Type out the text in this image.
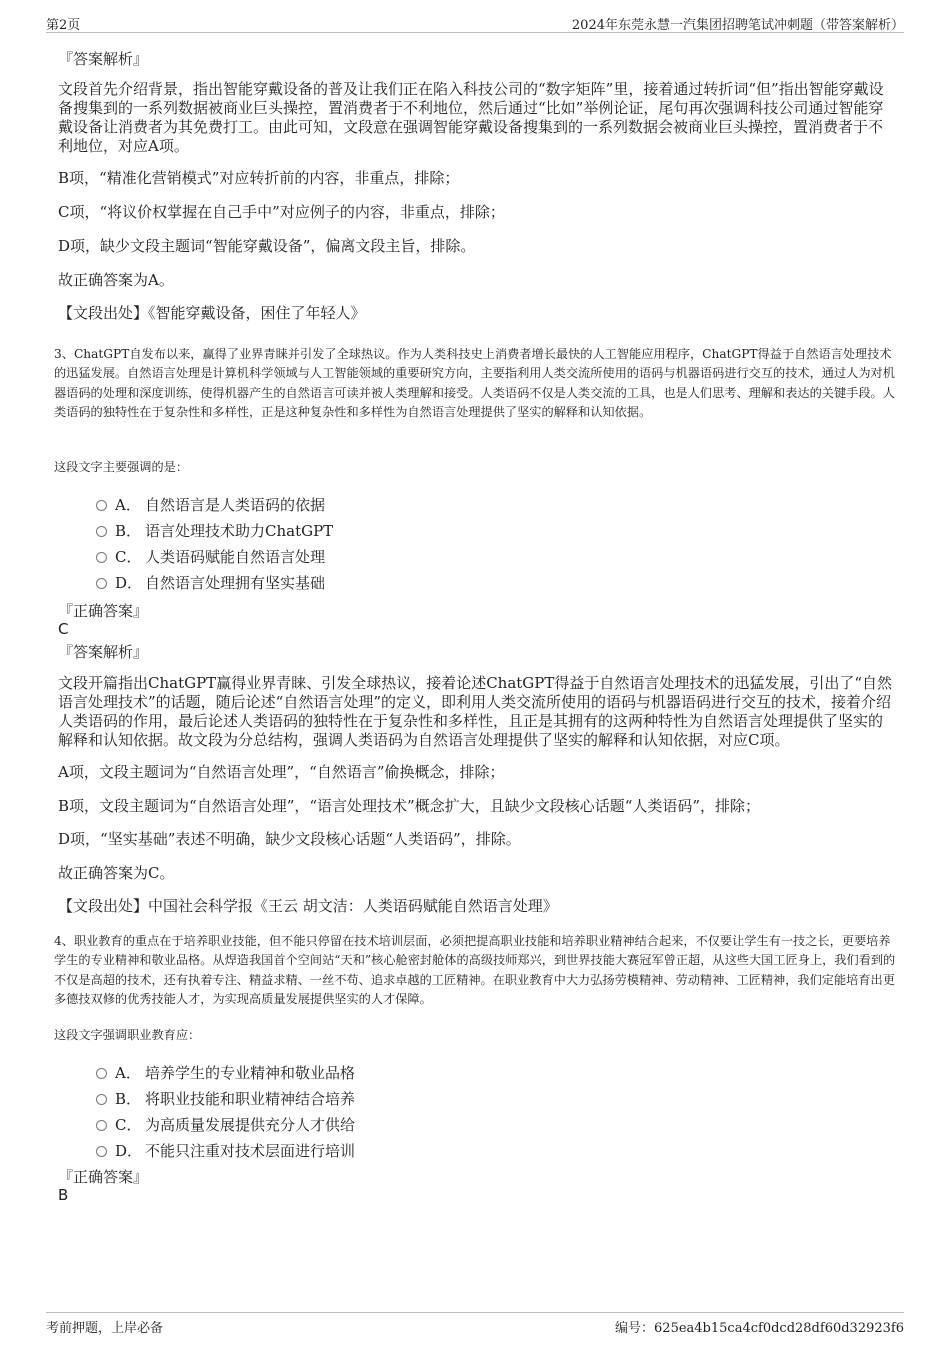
第2页	2024年东莞永慧一汽集团招聘笔试冲刺题（带答案解析）
『答案解析』
文段首先介绍背景，指出智能穿戴设备的普及让我们正在陷入科技公司的“数字矩阵”里，接着通过转折词“但”指出智能穿戴设备搜集到的一系列数据被商业巨头操控，置消费者于不利地位，然后通过“比如”举例论证，尾句再次强调科技公司通过智能穿戴设备让消费者为其免费打工。由此可知，文段意在强调智能穿戴设备搜集到的一系列数据会被商业巨头操控，置消费者于不利地位，对应A项。
B项，“精准化营销模式”对应转折前的内容，非重点，排除；
C项，“将议价权掌握在自己手中”对应例子的内容，非重点，排除；
D项，缺少文段主题词“智能穿戴设备”，偏离文段主旨，排除。
故正确答案为A。
【文段出处】《智能穿戴设备，困住了年轻人》
3、ChatGPT自发布以来，赢得了业界青睐并引发了全球热议。作为人类科技史上消费者增长最快的人工智能应用程序，ChatGPT得益于自然语言处理技术的迅猛发展。自然语言处理是计算机科学领域与人工智能领域的重要研究方向，主要指利用人类交流所使用的语码与机器语码进行交互的技术，通过人为对机器语码的处理和深度训练，使得机器产生的自然语言可读并被人类理解和接受。人类语码不仅是人类交流的工具，也是人们思考、理解和表达的关键手段。人类语码的独特性在于复杂性和多样性，正是这种复杂性和多样性为自然语言处理提供了坚实的解释和认知依据。
这段文字主要强调的是：
A． 自然语言是人类语码的依据
B． 语言处理技术助力ChatGPT
C． 人类语码赋能自然语言处理
D． 自然语言处理拥有坚实基础
『正确答案』
C
『答案解析』
文段开篇指出ChatGPT赢得业界青睐、引发全球热议，接着论述ChatGPT得益于自然语言处理技术的迅猛发展，引出了“自然语言处理技术”的话题，随后论述“自然语言处理”的定义，即利用人类交流所使用的语码与机器语码进行交互的技术，接着介绍人类语码的作用，最后论述人类语码的独特性在于复杂性和多样性，且正是其拥有的这两种特性为自然语言处理提供了坚实的解释和认知依据。故文段为分总结构，强调人类语码为自然语言处理提供了坚实的解释和认知依据，对应C项。
A项，文段主题词为“自然语言处理”，“自然语言”偷换概念，排除；
B项，文段主题词为“自然语言处理”，“语言处理技术”概念扩大，且缺少文段核心话题“人类语码”，排除；
D项，“坚实基础”表述不明确，缺少文段核心话题“人类语码”，排除。
故正确答案为C。
【文段出处】中国社会科学报《王云 胡文洁：人类语码赋能自然语言处理》
4、职业教育的重点在于培养职业技能，但不能只停留在技术培训层面，必须把提高职业技能和培养职业精神结合起来，不仅要让学生有一技之长，更要培养学生的专业精神和敬业品格。从焊造我国首个空间站“天和”核心舱密封舱体的高级技师郑兴，到世界技能大赛冠军曾正超，从这些大国工匠身上，我们看到的不仅是高超的技术，还有执着专注、精益求精、一丝不苟、追求卓越的工匠精神。在职业教育中大力弘扬劳模精神、劳动精神、工匠精神，我们定能培育出更多德技双修的优秀技能人才，为实现高质量发展提供坚实的人才保障。
这段文字强调职业教育应：
A． 培养学生的专业精神和敬业品格
B． 将职业技能和职业精神结合培养
C． 为高质量发展提供充分人才供给
D． 不能只注重对技术层面进行培训
『正确答案』
B
考前押题，上岸必备	编号：625ea4b15ca4cf0dcd28df60d32923f6
